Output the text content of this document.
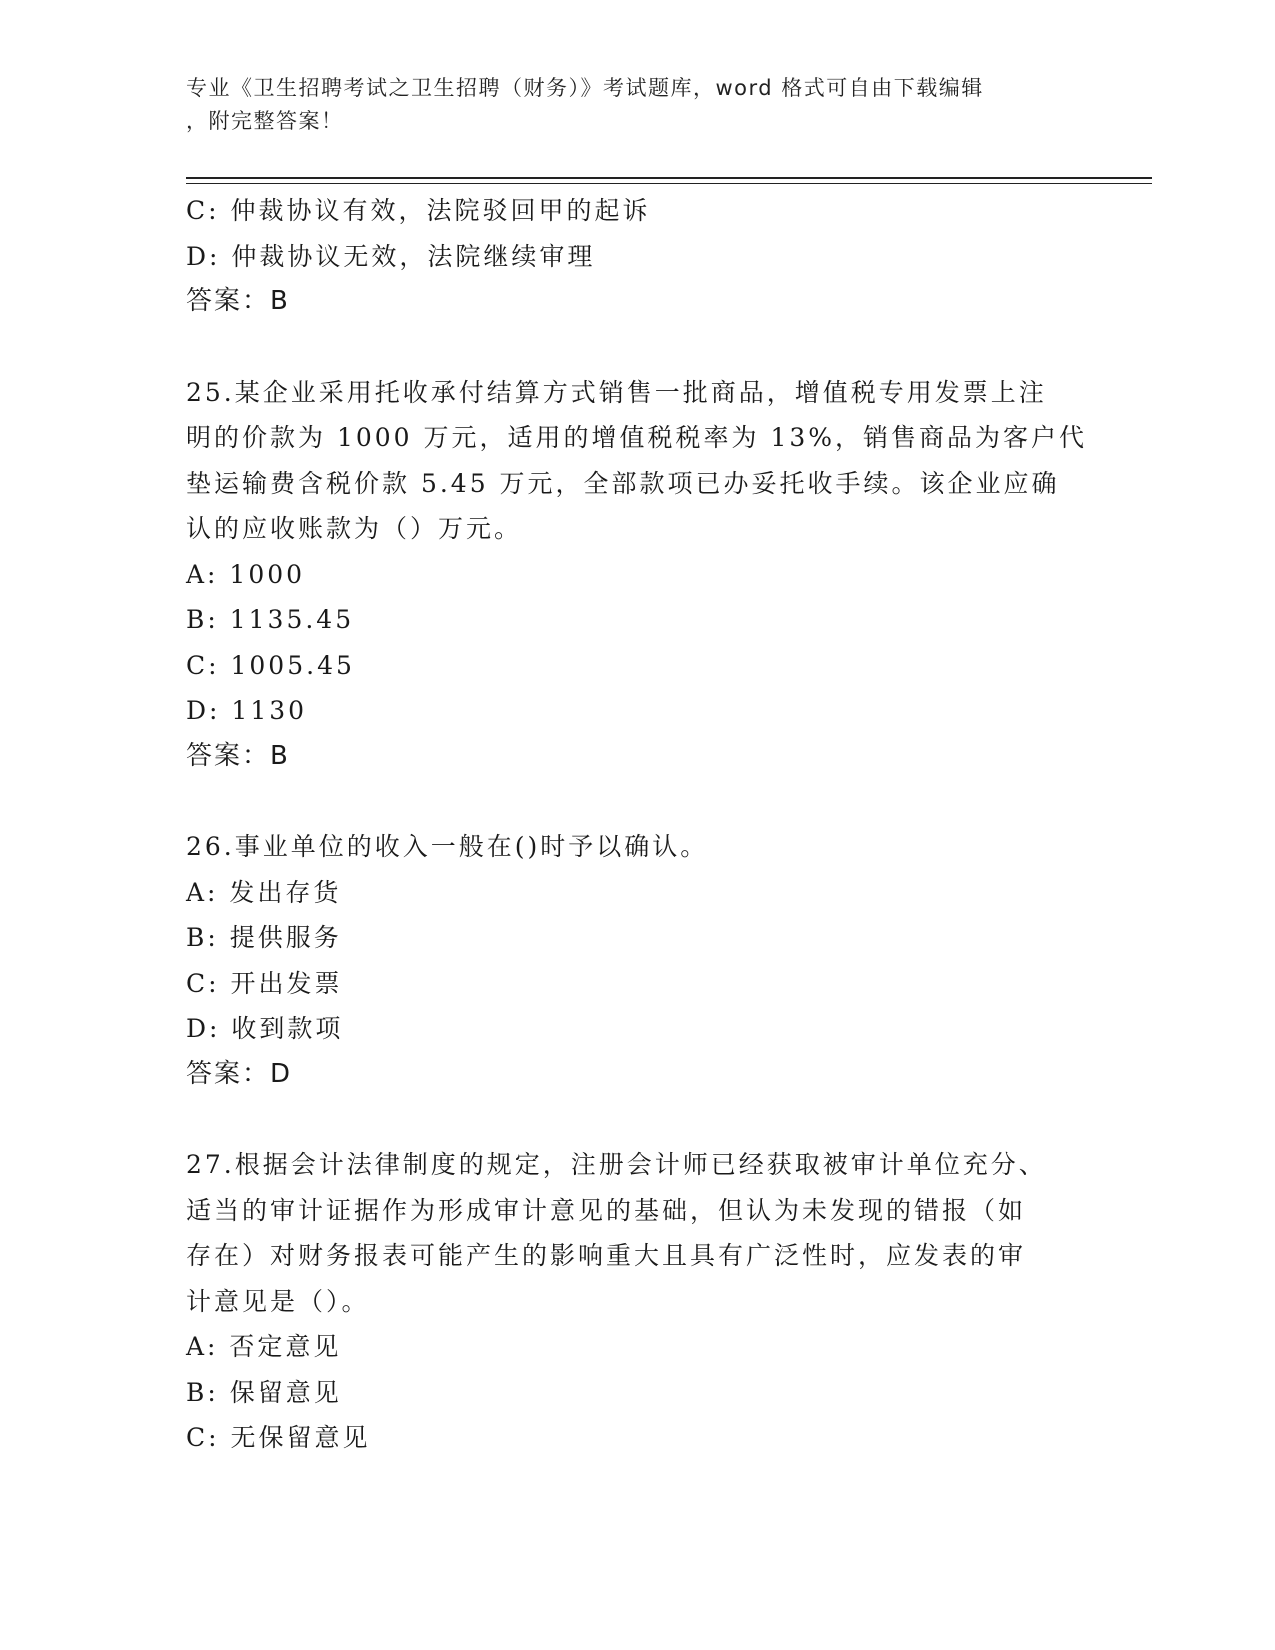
专业《卫生招聘考试之卫生招聘（财务）》考试题库，word 格式可自由下载编辑
，附完整答案！
C: 仲裁协议有效，法院驳回甲的起诉
D: 仲裁协议无效，法院继续审理
答案：B
25.某企业采用托收承付结算方式销售一批商品，增值税专用发票上注
明的价款为 1000 万元，适用的增值税税率为 13%，销售商品为客户代
垫运输费含税价款 5.45 万元，全部款项已办妥托收手续。该企业应确
认的应收账款为（）万元。
A: 1000
B: 1135.45
C: 1005.45
D: 1130
答案：B
26.事业单位的收入一般在()时予以确认。
A: 发出存货
B: 提供服务
C: 开出发票
D: 收到款项
答案：D
27.根据会计法律制度的规定，注册会计师已经获取被审计单位充分、
适当的审计证据作为形成审计意见的基础，但认为未发现的错报（如
存在）对财务报表可能产生的影响重大且具有广泛性时，应发表的审
计意见是（）。
A: 否定意见
B: 保留意见
C: 无保留意见
